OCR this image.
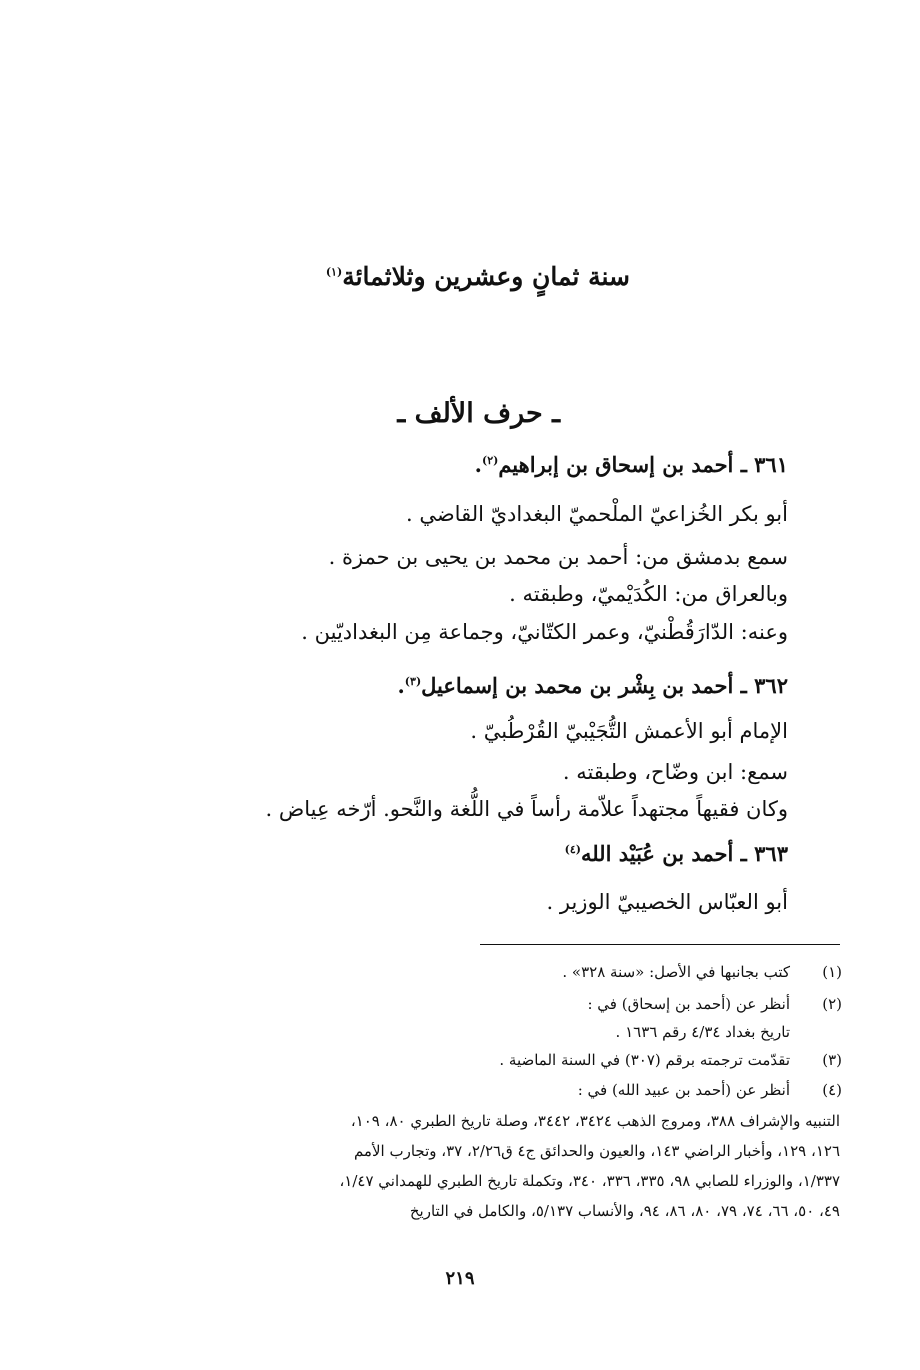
سنة ثمانٍ وعشرين وثلاثمائة$^{(١)}$
ـ حرف الألف ـ
٣٦١ ـ أحمد بن إسحاق بن إبراهيم$^{(٢)}$.
أبو بكر الخُزاعيّ الملْحميّ البغداديّ القاضي .
سمع بدمشق من: أحمد بن محمد بن يحيى بن حمزة .
وبالعراق من: الكُدَيْميّ، وطبقته .
وعنه: الدّارَقُطْنيّ، وعمر الكتّانيّ، وجماعة مِن البغداديّين .
٣٦٢ ـ أحمد بن بِشْر بن محمد بن إسماعيل$^{(٣)}$.
الإمام أبو الأعمش التُّجَيْبيّ القُرْطُبيّ .
سمع: ابن وضّاح، وطبقته .
وكان فقيهاً مجتهداً علاّمة رأساً في اللُّغة والنَّحو. أرّخه عِياض .
٣٦٣ ـ أحمد بن عُبَيْد الله$^{(٤)}$
أبو العبّاس الخصيبيّ الوزير .
(١)
كتب بجانبها في الأصل: «سنة ٣٢٨» .
(٢)
أنظر عن (أحمد بن إسحاق) في :
تاريخ بغداد ٤/٣٤ رقم ١٦٣٦ .
(٣)
تقدّمت ترجمته برقم (٣٠٧) في السنة الماضية .
(٤)
أنظر عن (أحمد بن عبيد الله) في :
التنبيه والإشراف ٣٨٨، ومروج الذهب ٣٤٢٤، ٣٤٤٢، وصلة تاريخ الطبري ٨٠، ١٠٩،
١٢٦، ١٢٩، وأخبار الراضي ١٤٣، والعيون والحدائق ج٤ ق٢/٢٦، ٣٧، وتجارب الأمم
١/٣٣٧، والوزراء للصابي ٩٨، ٣٣٥، ٣٣٦، ٣٤٠، وتكملة تاريخ الطبري للهمداني ١/٤٧،
٤٩، ٥٠، ٦٦، ٧٤، ٧٩، ٨٠، ٨٦، ٩٤، والأنساب ٥/١٣٧، والكامل في التاريخ
٢١٩
